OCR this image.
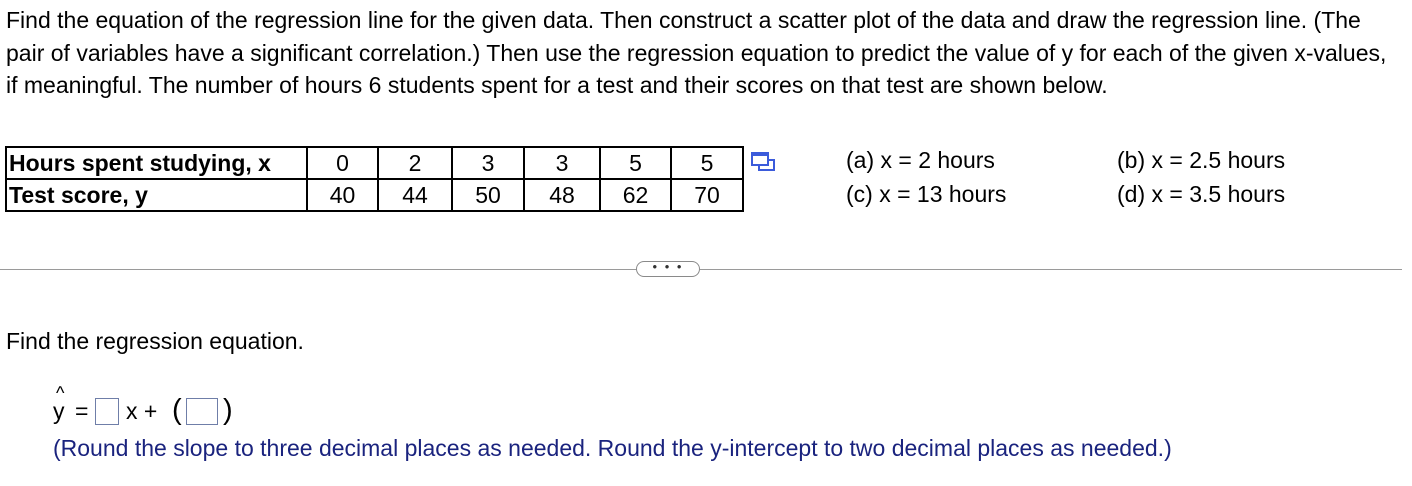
Find the equation of the regression line for the given data. Then construct a scatter plot of the data and draw the regression line. (The pair of variables have a significant correlation.) Then use the regression equation to predict the value of y for each of the given x-values, if meaningful. The number of hours 6 students spent for a test and their scores on that test are shown below.
Hours spent studying, x	0	2	3	3	5	5
Test score, y	40	44	50	48	62	70
(a) x = 2 hours	(b) x = 2.5 hours
(c) x = 13 hours	(d) x = 3.5 hours
• • •
Find the regression equation.
^
y = x + ( )
(Round the slope to three decimal places as needed. Round the y-intercept to two decimal places as needed.)
